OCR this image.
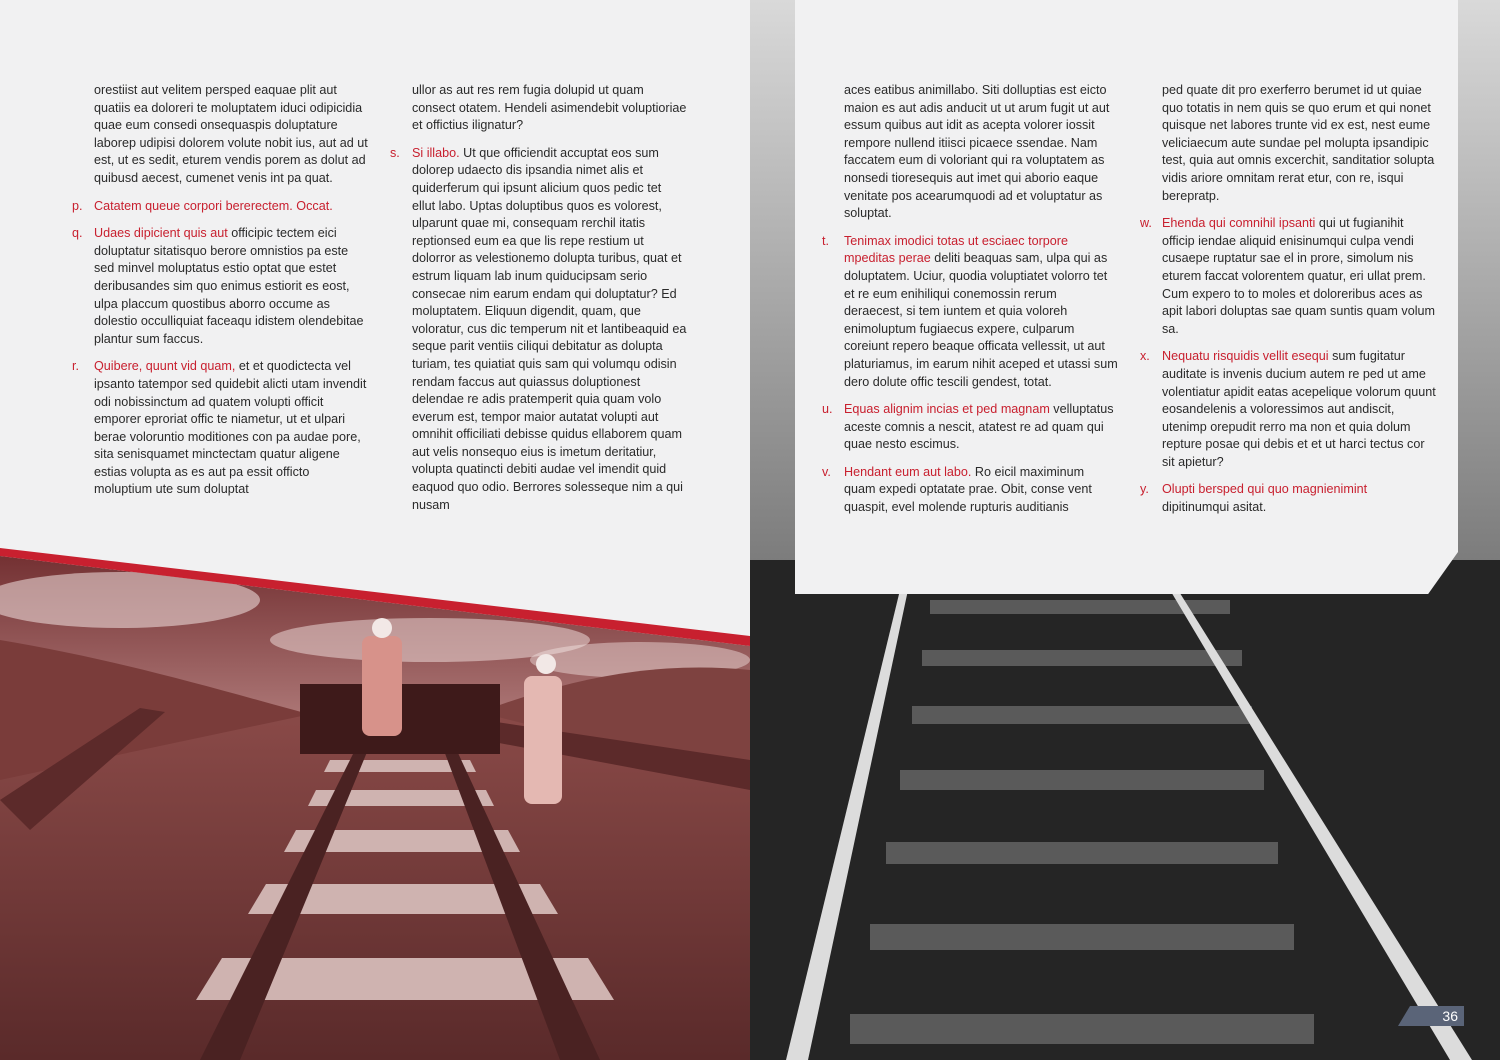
orestiist aut velitem persped eaquae plit aut quatiis ea doloreri te moluptatem iduci odipicidia quae eum consedi onsequaspis doluptature laborep udipisi dolorem volute nobit ius, aut ad ut est, ut es sedit, eturem vendis porem as dolut ad quibusd aecest, cumenet venis int pa quat.

p. Catatem queue corpori bererectem. Occat.

q. Udaes dipicient quis aut officipic tectem eici doluptatur sitatisquo berore omnistios pa este sed minvel moluptatus estio optat que estet deribusandes sim quo enimus estiorit es eost, ulpa placcum quostibus aborro occume as dolestio occulliquiat faceaqu idistem olendebitae plantur sum faccus.

r. Quibere, quunt vid quam, et et quodictecta vel ipsanto tatempor sed quidebit alicti utam invendit odi nobissinctum ad quatem volupti officit emporer eproriat offic te niametur, ut et ulpari berae voloruntio moditiones con pa audae pore, sita senisquamet minctectam quatur aligene estias volupta as es aut pa essit officto moluptium ute sum doluptat

ullor as aut res rem fugia dolupid ut quam consect otatem. Hendeli asimendebit voluptioriae et offictius ilignatur?

s. Si illabo. Ut que officiendit accuptat eos sum dolorep udaecto dis ipsandia nimet alis et quiderferum qui ipsunt alicium quos pedic tet ellut labo. Uptas doluptibus quos es volorest, ulparunt quae mi, consequam rerchil itatis reptionsed eum ea que lis repe restium ut dolorror as velestionemo dolupta turibus, quat et estrum liquam lab inum quiducipsam serio consecae nim earum endam qui doluptatur? Ed moluptatem. Eliquun digendit, quam, que voloratur, cus dic temperum nit et lantibeaquid ea seque parit ventiis ciliqui debitatur as dolupta turiam, tes quiatiat quis sam qui volumqu odisin rendam faccus aut quiassus doluptionest delendae re adis pratemperit quia quam volo everum est, tempor maior autatat volupti aut omnihit officiliati debisse quidus ellaborem quam aut velis nonsequo eius is imetum deritatiur, volupta quatincti debiti audae vel imendit quid eaquod quo odio. Berrores solesseque nim a qui nusam

aces eatibus animillabo. Siti dolluptias est eicto maion es aut adis anducit ut ut arum fugit ut aut essum quibus aut idit as acepta volorer iossit rempore nullend itiisci picaece ssendae. Nam faccatem eum di voloriant qui ra voluptatem as nonsedi tioresequis aut imet qui aborio eaque venitate pos acearumquodi ad et voluptatur as soluptat.

t. Tenimax imodici totas ut esciaec torpore mpeditas perae deliti beaquas sam, ulpa qui as doluptatem. Uciur, quodia voluptiatet volorro tet et re eum enihiliqui conemossin rerum deraecest, si tem iuntem et quia voloreh enimoluptum fugiaecus expere, culparum coreiunt repero beaque officata vellessit, ut aut platuriamus, im earum nihit aceped et utassi sum dero dolute offic tescili gendest, totat.

u. Equas alignim incias et ped magnam velluptatus aceste comnis a nescit, atatest re ad quam qui quae nesto escimus.

v. Hendant eum aut labo. Ro eicil maximinum quam expedi optatate prae. Obit, conse vent quaspit, evel molende rupturis auditianis

ped quate dit pro exerferro berumet id ut quiae quo totatis in nem quis se quo erum et qui nonet quisque net labores trunte vid ex est, nest eume veliciaecum aute sundae pel molupta ipsandipic test, quia aut omnis excerchit, sanditatior solupta vidis ariore omnitam rerat etur, con re, isqui berepratp.

w. Ehenda qui comnihil ipsanti qui ut fugianihit officip iendae aliquid enisinumqui culpa vendi cusaepe ruptatur sae el in prore, simolum nis eturem faccat volorentem quatur, eri ullat prem. Cum expero to to moles et doloreribus aces as apit labori doluptas sae quam suntis quam volum sa.

x. Nequatu risquidis vellit esequi sum fugitatur auditate is invenis ducium autem re ped ut ame volentiatur apidit eatas acepelique volorum quunt eosandelenis a voloressimos aut andiscit, utenimp orepudit rerro ma non et quia dolum repture posae qui debis et et ut harci tectus cor sit apietur?

y. Olupti bersped qui quo magnienimint dipitinumqui asitat.

36
